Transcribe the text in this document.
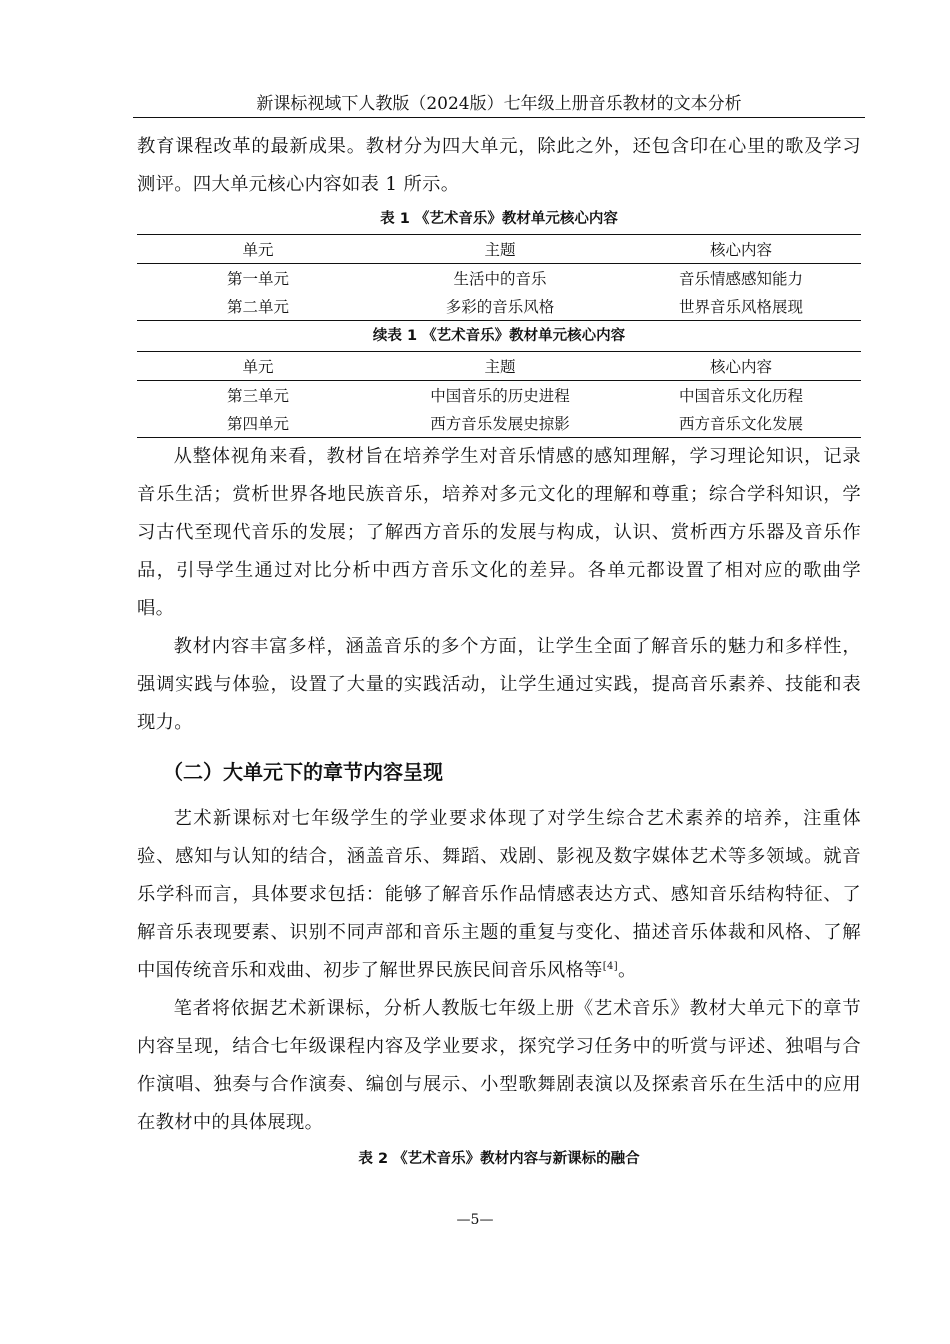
新课标视域下人教版（2024版）七年级上册音乐教材的文本分析

教育课程改革的最新成果。教材分为四大单元，除此之外，还包含印在心里的歌及学习测评。四大单元核心内容如表 1 所示。

表 1 《艺术音乐》教材单元核心内容

单元	主题	核心内容
第一单元	生活中的音乐	音乐情感感知能力
第二单元	多彩的音乐风格	世界音乐风格展现

续表 1 《艺术音乐》教材单元核心内容

单元	主题	核心内容
第三单元	中国音乐的历史进程	中国音乐文化历程
第四单元	西方音乐发展史掠影	西方音乐文化发展

从整体视角来看，教材旨在培养学生对音乐情感的感知理解，学习理论知识，记录音乐生活；赏析世界各地民族音乐，培养对多元文化的理解和尊重；综合学科知识，学习古代至现代音乐的发展；了解西方音乐的发展与构成，认识、赏析西方乐器及音乐作品，引导学生通过对比分析中西方音乐文化的差异。各单元都设置了相对应的歌曲学唱。

教材内容丰富多样，涵盖音乐的多个方面，让学生全面了解音乐的魅力和多样性，强调实践与体验，设置了大量的实践活动，让学生通过实践，提高音乐素养、技能和表现力。

（二）大单元下的章节内容呈现

艺术新课标对七年级学生的学业要求体现了对学生综合艺术素养的培养，注重体验、感知与认知的结合，涵盖音乐、舞蹈、戏剧、影视及数字媒体艺术等多领域。就音乐学科而言，具体要求包括：能够了解音乐作品情感表达方式、感知音乐结构特征、了解音乐表现要素、识别不同声部和音乐主题的重复与变化、描述音乐体裁和风格、了解中国传统音乐和戏曲、初步了解世界民族民间音乐风格等[4]。

笔者将依据艺术新课标，分析人教版七年级上册《艺术音乐》教材大单元下的章节内容呈现，结合七年级课程内容及学业要求，探究学习任务中的听赏与评述、独唱与合作演唱、独奏与合作演奏、编创与展示、小型歌舞剧表演以及探索音乐在生活中的应用在教材中的具体展现。

表 2 《艺术音乐》教材内容与新课标的融合

—5—
